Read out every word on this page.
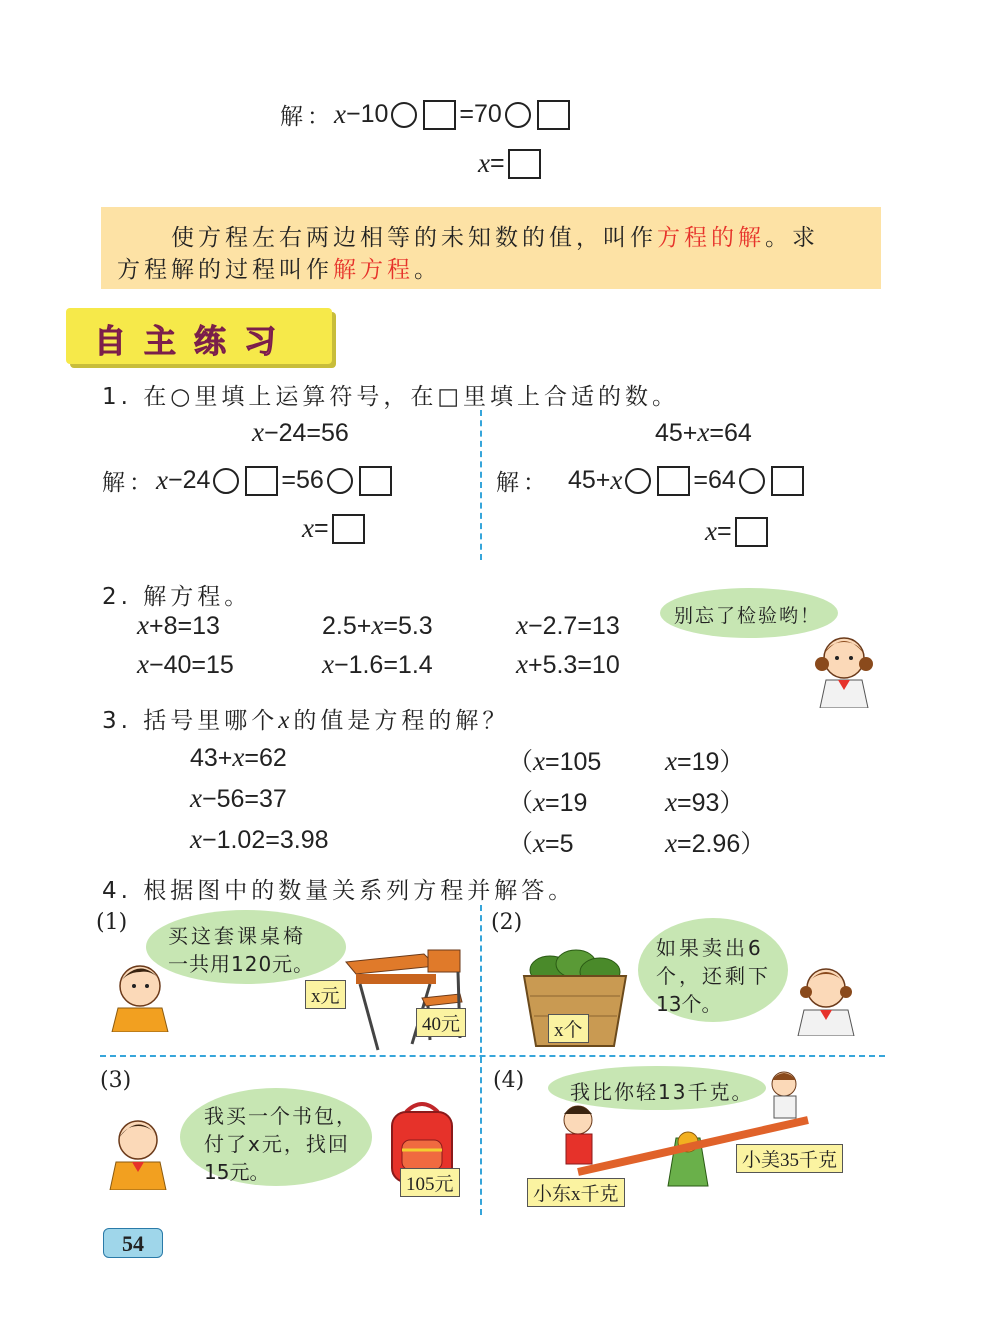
解： x −10	=70
x =
使方程左右两边相等的未知数的值，叫作方程的解。求
方程解的过程叫作解方程。
自主练习
1. 在○里填上运算符号，在□里填上合适的数。
x−24=56
解： x −24	=56
x =
45+x=64
解： 45+ x	=64
x =
2. 解方程。
x+8=13	2.5+x=5.3	x−2.7=13
x−40=15	x−1.6=1.4	x+5.3=10
别忘了检验哟！
3. 括号里哪个x的值是方程的解？
43+x=62	（x=105 x=19）
x−56=37	（x=19	x=93）
x−1.02=3.98	（x=5	x=2.96）
4. 根据图中的数量关系列方程并解答。
(1)
买这套课桌椅
一共用120元。
x元
40元
(2)
x个
如果卖出6
个，还剩下
13个。
(3)
我买一个书包，
付了x元，找回
15元。
105元
(4) 我比你轻13千克。
小东x千克
小美35千克
54
